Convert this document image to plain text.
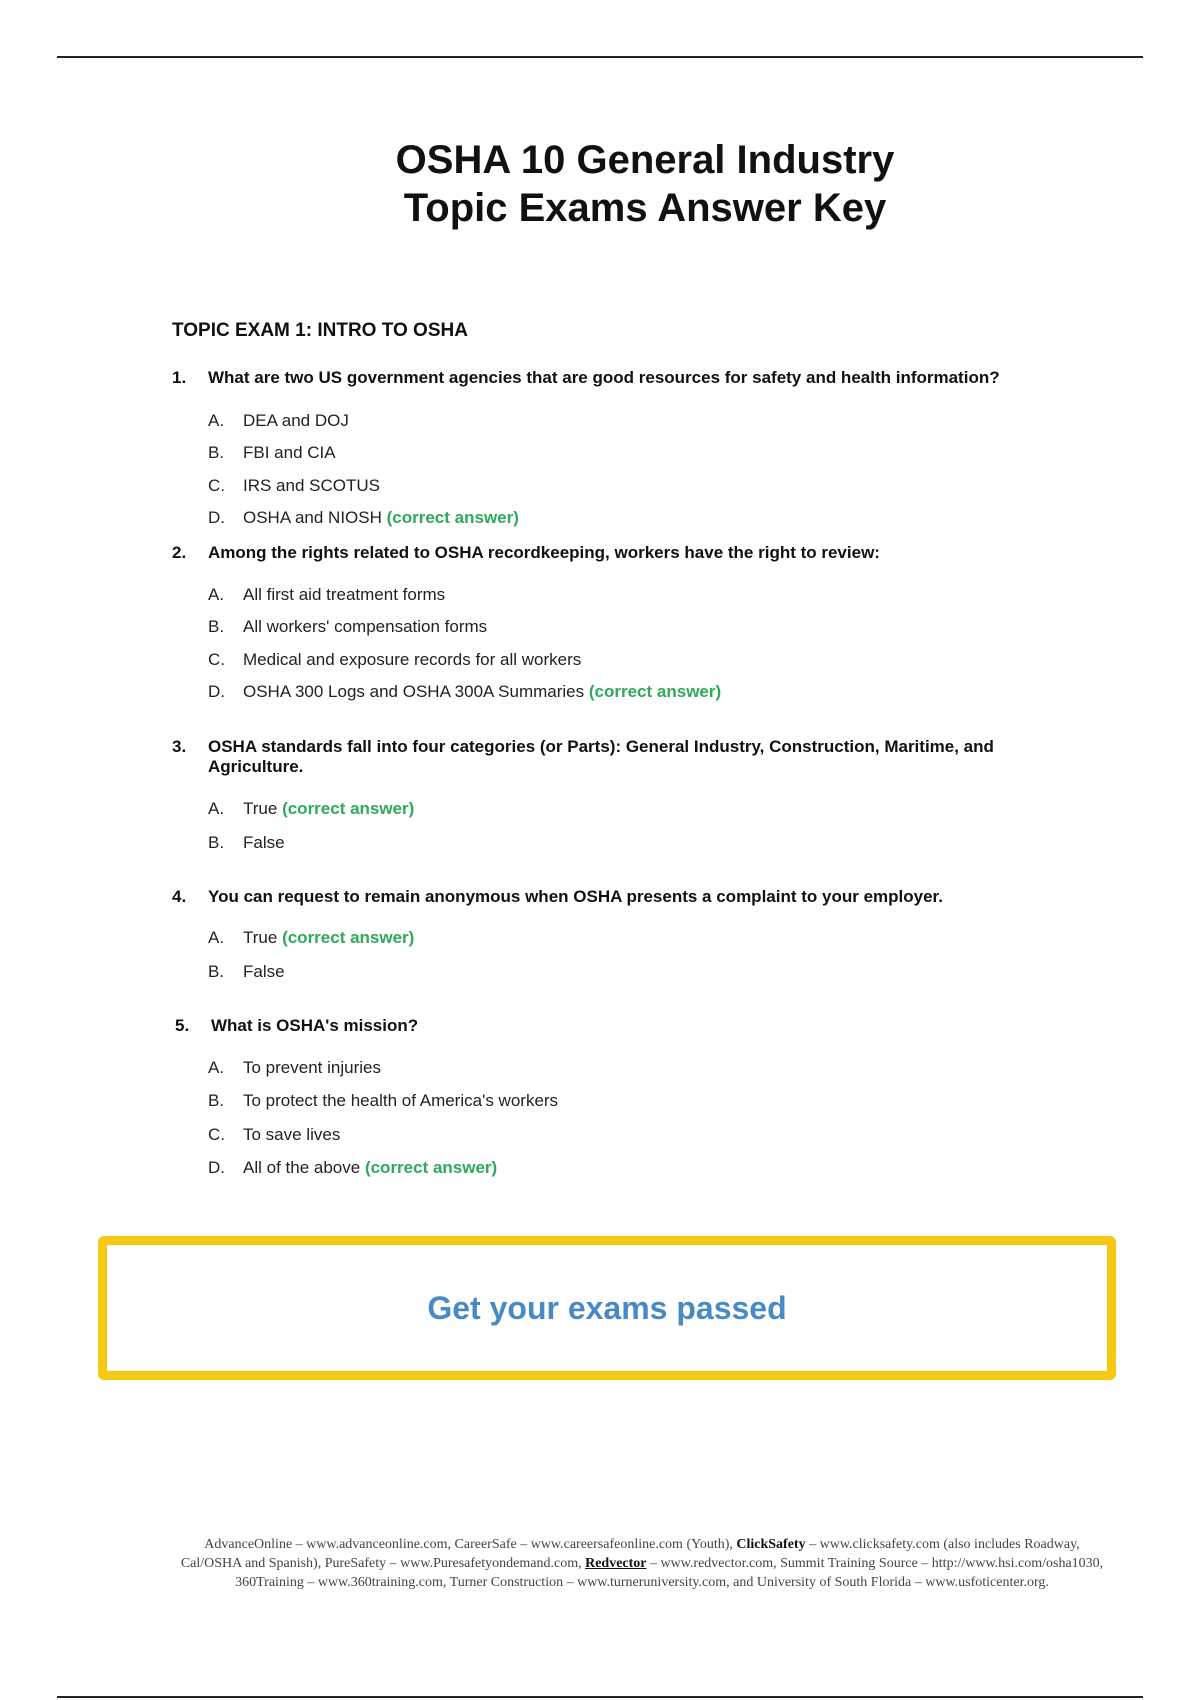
OSHA 10 General Industry
Topic Exams Answer Key
TOPIC EXAM 1: INTRO TO OSHA
1. What are two US government agencies that are good resources for safety and health information?
A. DEA and DOJ
B. FBI and CIA
C. IRS and SCOTUS
D. OSHA and NIOSH (correct answer)
2. Among the rights related to OSHA recordkeeping, workers have the right to review:
A. All first aid treatment forms
B. All workers' compensation forms
C. Medical and exposure records for all workers
D. OSHA 300 Logs and OSHA 300A Summaries (correct answer)
3. OSHA standards fall into four categories (or Parts): General Industry, Construction, Maritime, and Agriculture.
A. True (correct answer)
B. False
4. You can request to remain anonymous when OSHA presents a complaint to your employer.
A. True (correct answer)
B. False
5. What is OSHA's mission?
A. To prevent injuries
B. To protect the health of America's workers
C. To save lives
D. All of the above (correct answer)
Get your exams passed
AdvanceOnline – www.advanceonline.com, CareerSafe – www.careersafeonline.com (Youth), ClickSafety – www.clicksafety.com (also includes Roadway, Cal/OSHA and Spanish), PureSafety – www.Puresafetyondemand.com, Redvector – www.redvector.com, Summit Training Source – http://www.hsi.com/osha1030, 360Training – www.360training.com, Turner Construction – www.turneruniversity.com, and University of South Florida – www.usfoticenter.org.
